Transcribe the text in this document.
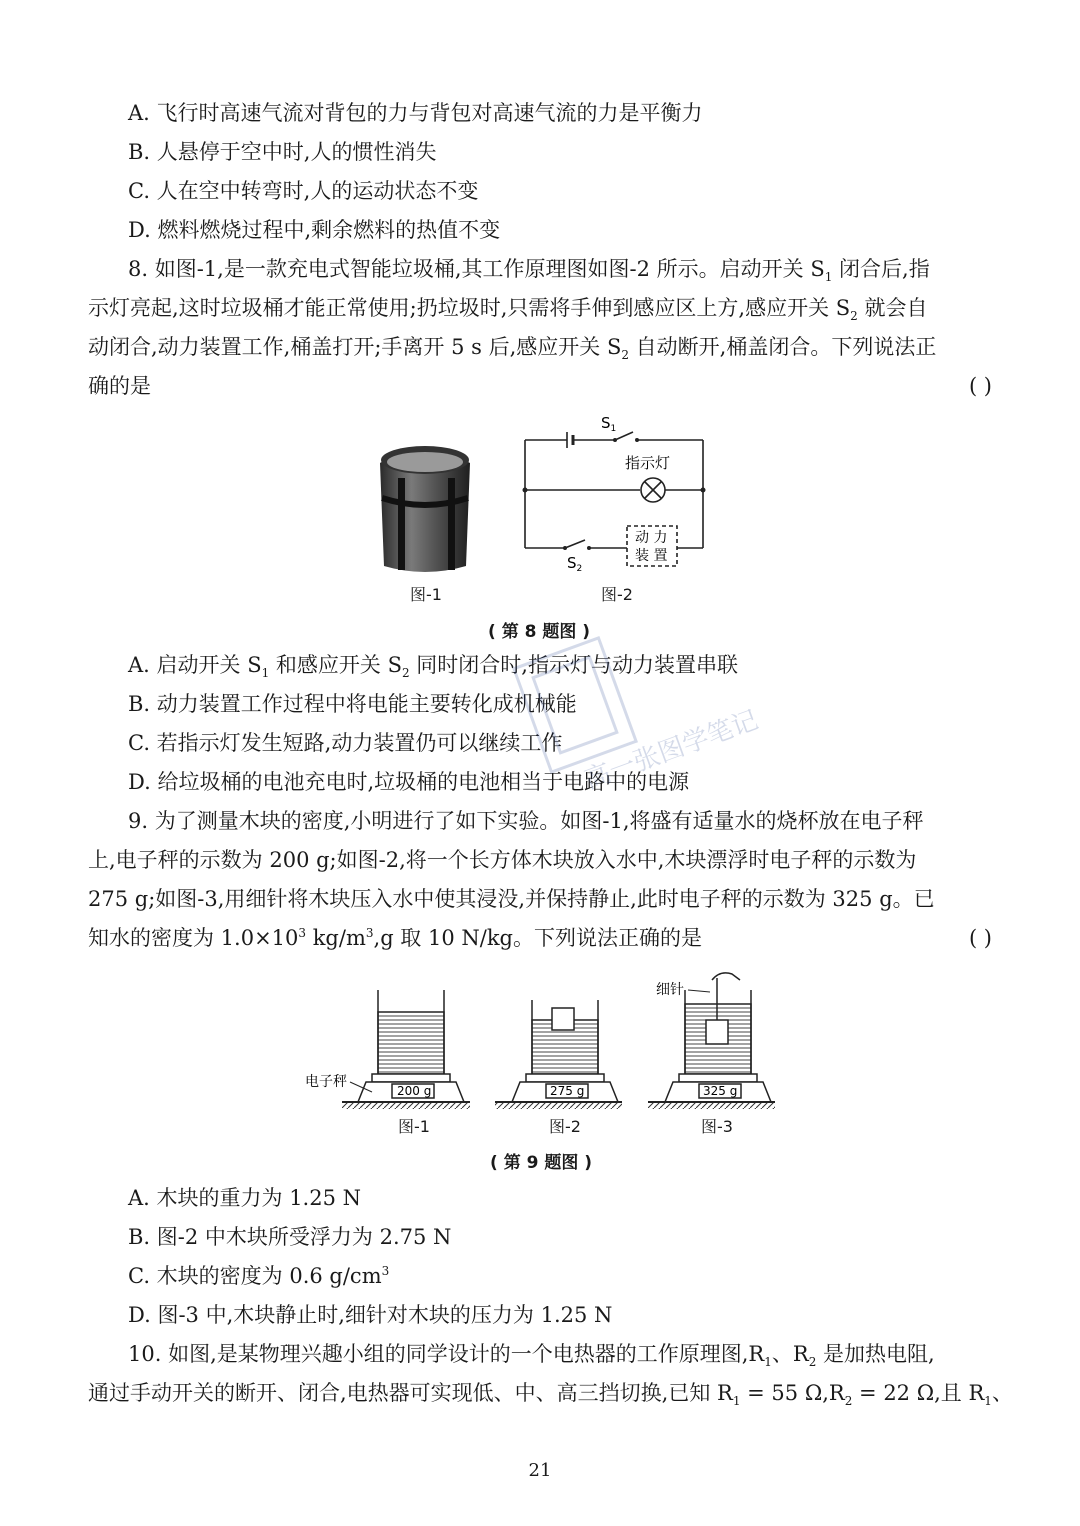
A. 飞行时高速气流对背包的力与背包对高速气流的力是平衡力
B. 人悬停于空中时,人的惯性消失
C. 人在空中转弯时,人的运动状态不变
D. 燃料燃烧过程中,剩余燃料的热值不变
8. 如图-1,是一款充电式智能垃圾桶,其工作原理图如图-2 所示。启动开关 $S_1$ 闭合后,指
示灯亮起,这时垃圾桶才能正常使用;扔垃圾时,只需将手伸到感应区上方,感应开关 $S_2$ 就会自
动闭合,动力装置工作,桶盖打开;手离开 5 s 后,感应开关 $S_2$ 自动断开,桶盖闭合。下列说法正
确的是	( )
图-1
$S_1$
$S_2$
指示灯
动 力
装 置
图-2
( 第 8 题图 )
A. 启动开关 $S_1$ 和感应开关 $S_2$ 同时闭合时,指示灯与动力装置串联
B. 动力装置工作过程中将电能主要转化成机械能
C. 若指示灯发生短路,动力装置仍可以继续工作
D. 给垃圾桶的电池充电时,垃圾桶的电池相当于电路中的电源
高一张图学笔记
9. 为了测量木块的密度,小明进行了如下实验。如图-1,将盛有适量水的烧杯放在电子秤
上,电子秤的示数为 200 g;如图-2,将一个长方体木块放入水中,木块漂浮时电子秤的示数为
275 g;如图-3,用细针将木块压入水中使其浸没,并保持静止,此时电子秤的示数为 325 g。已
知水的密度为 $1.0\times 10^3$ $kg/m^3,g$ 取 10 N/kg。下列说法正确的是	( )
200 g
电子秤
275 g	325 g
细针
图-1	图-2	图-3
( 第 9 题图 )
A. 木块的重力为 1.25 N
B. 图-2 中木块所受浮力为 2.75 N
C. 木块的密度为 0.6 $g/cm^3$
D. 图-3 中,木块静止时,细针对木块的压力为 1.25 N
10. 如图,是某物理兴趣小组的同学设计的一个电热器的工作原理图$,R_1$、$R_2$ 是加热电阻,
通过手动开关的断开、闭合,电热器可实现低、中、高三挡切换,已知 $R_1 = 55$ $\Omega,R_2 = 22$ Ω,且 $R_1$、
21
